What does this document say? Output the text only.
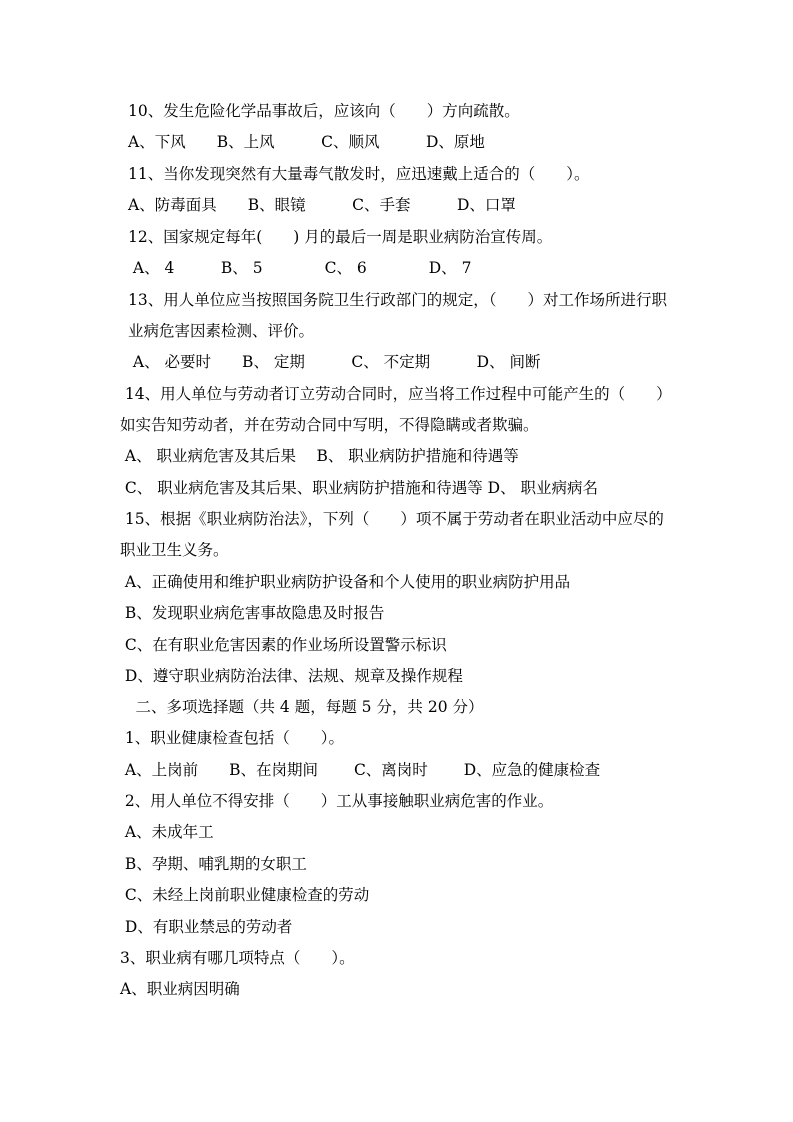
10、发生危险化学品事故后，应该向（　　）方向疏散。
A、下风　　B、上风　　　C、顺风　　　D、原地
11、当你发现突然有大量毒气散发时，应迅速戴上适合的（　　）。
A、防毒面具　　B、眼镜　　　C、手套　　　D、口罩
12、国家规定每年(　　) 月的最后一周是职业病防治宣传周。
A、 4　　　B、 5　　　　C、 6　　　　D、 7
13、用人单位应当按照国务院卫生行政部门的规定，（　　）对工作场所进行职
业病危害因素检测、评价。
A、 必要时　　B、 定期　　　C、 不定期　　　D、 间断
14、用人单位与劳动者订立劳动合同时，应当将工作过程中可能产生的（　　）
如实告知劳动者，并在劳动合同中写明，不得隐瞒或者欺骗。
A、 职业病危害及其后果　 B、 职业病防护措施和待遇等
C、 职业病危害及其后果、职业病防护措施和待遇等 D、 职业病病名
15、根据《职业病防治法》，下列（　　）项不属于劳动者在职业活动中应尽的
职业卫生义务。
A、正确使用和维护职业病防护设备和个人使用的职业病防护用品
B、发现职业病危害事故隐患及时报告
C、在有职业危害因素的作业场所设置警示标识
D、遵守职业病防治法律、法规、规章及操作规程
　二、多项选择题（共 4 题，每题 5 分，共 20 分）
1、职业健康检查包括（　　）。
A、上岗前　　B、在岗期间　　 C、离岗时　　 D、应急的健康检查
2、用人单位不得安排（　　）工从事接触职业病危害的作业。
A、未成年工
B、孕期、哺乳期的女职工
C、未经上岗前职业健康检查的劳动
D、有职业禁忌的劳动者
3、职业病有哪几项特点（　　）。
A、职业病因明确
